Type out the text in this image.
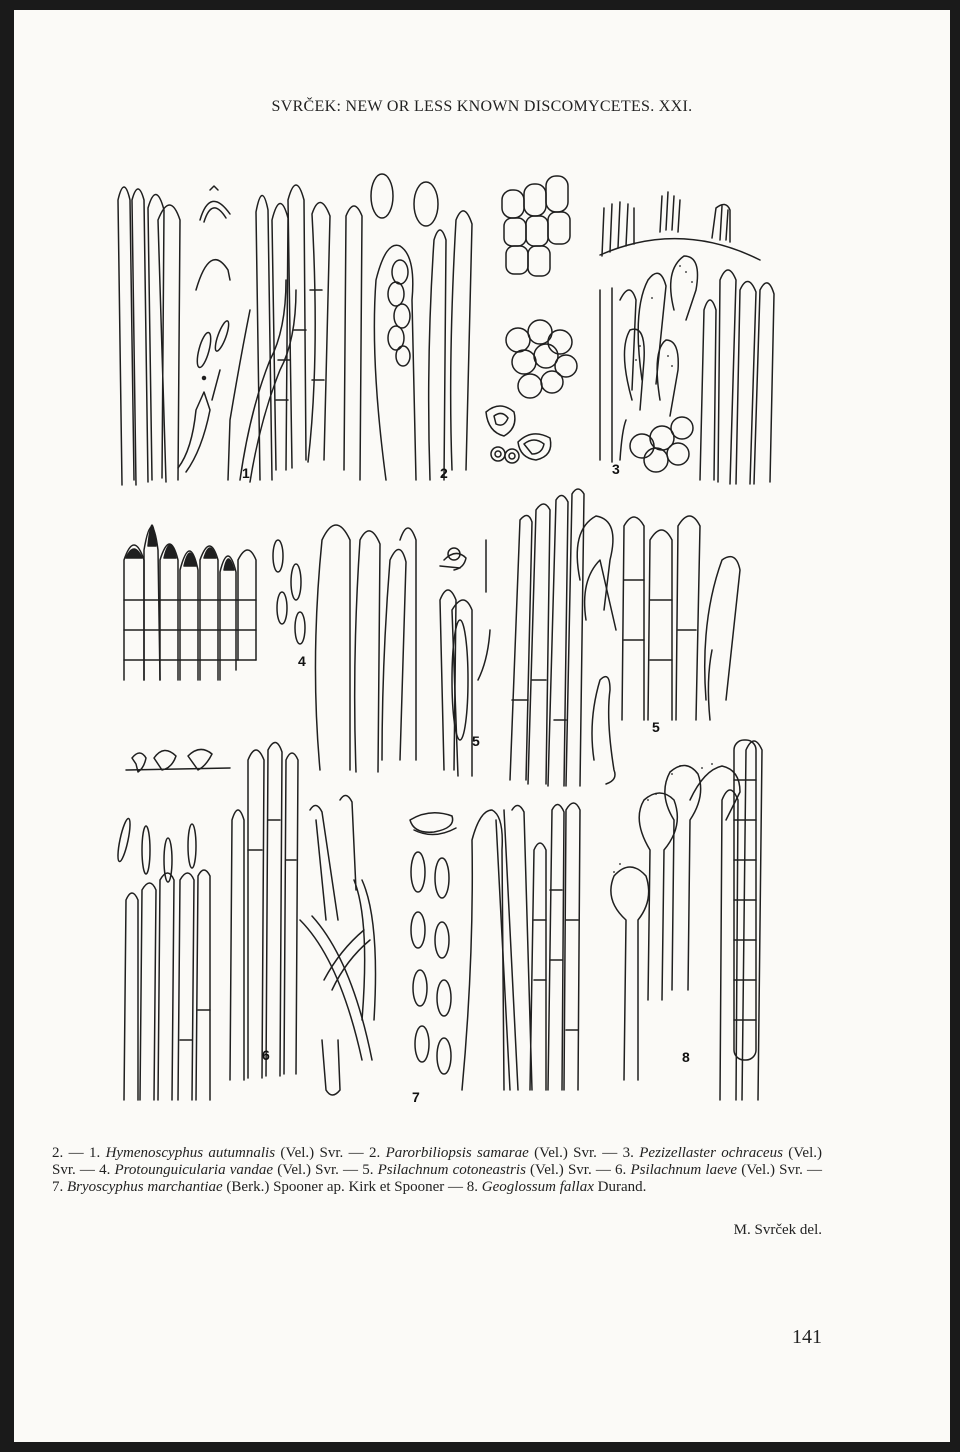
SVRČEK: NEW OR LESS KNOWN DISCOMYCETES. XXI.
1	2	3
4
5
5
6
7
8
2. — 1. Hymenoscyphus autumnalis (Vel.) Svr. — 2. Parorbiliopsis samarae (Vel.) Svr. — 3. Pezizellaster ochraceus (Vel.) Svr. — 4. Protounguicularia vandae (Vel.) Svr. — 5. Psilachnum cotoneastris (Vel.) Svr. — 6. Psilachnum laeve (Vel.) Svr. — 7. Bryoscyphus marchantiae (Berk.) Spooner ap. Kirk et Spooner — 8. Geoglossum fallax Durand.
M. Svrček del.
141
